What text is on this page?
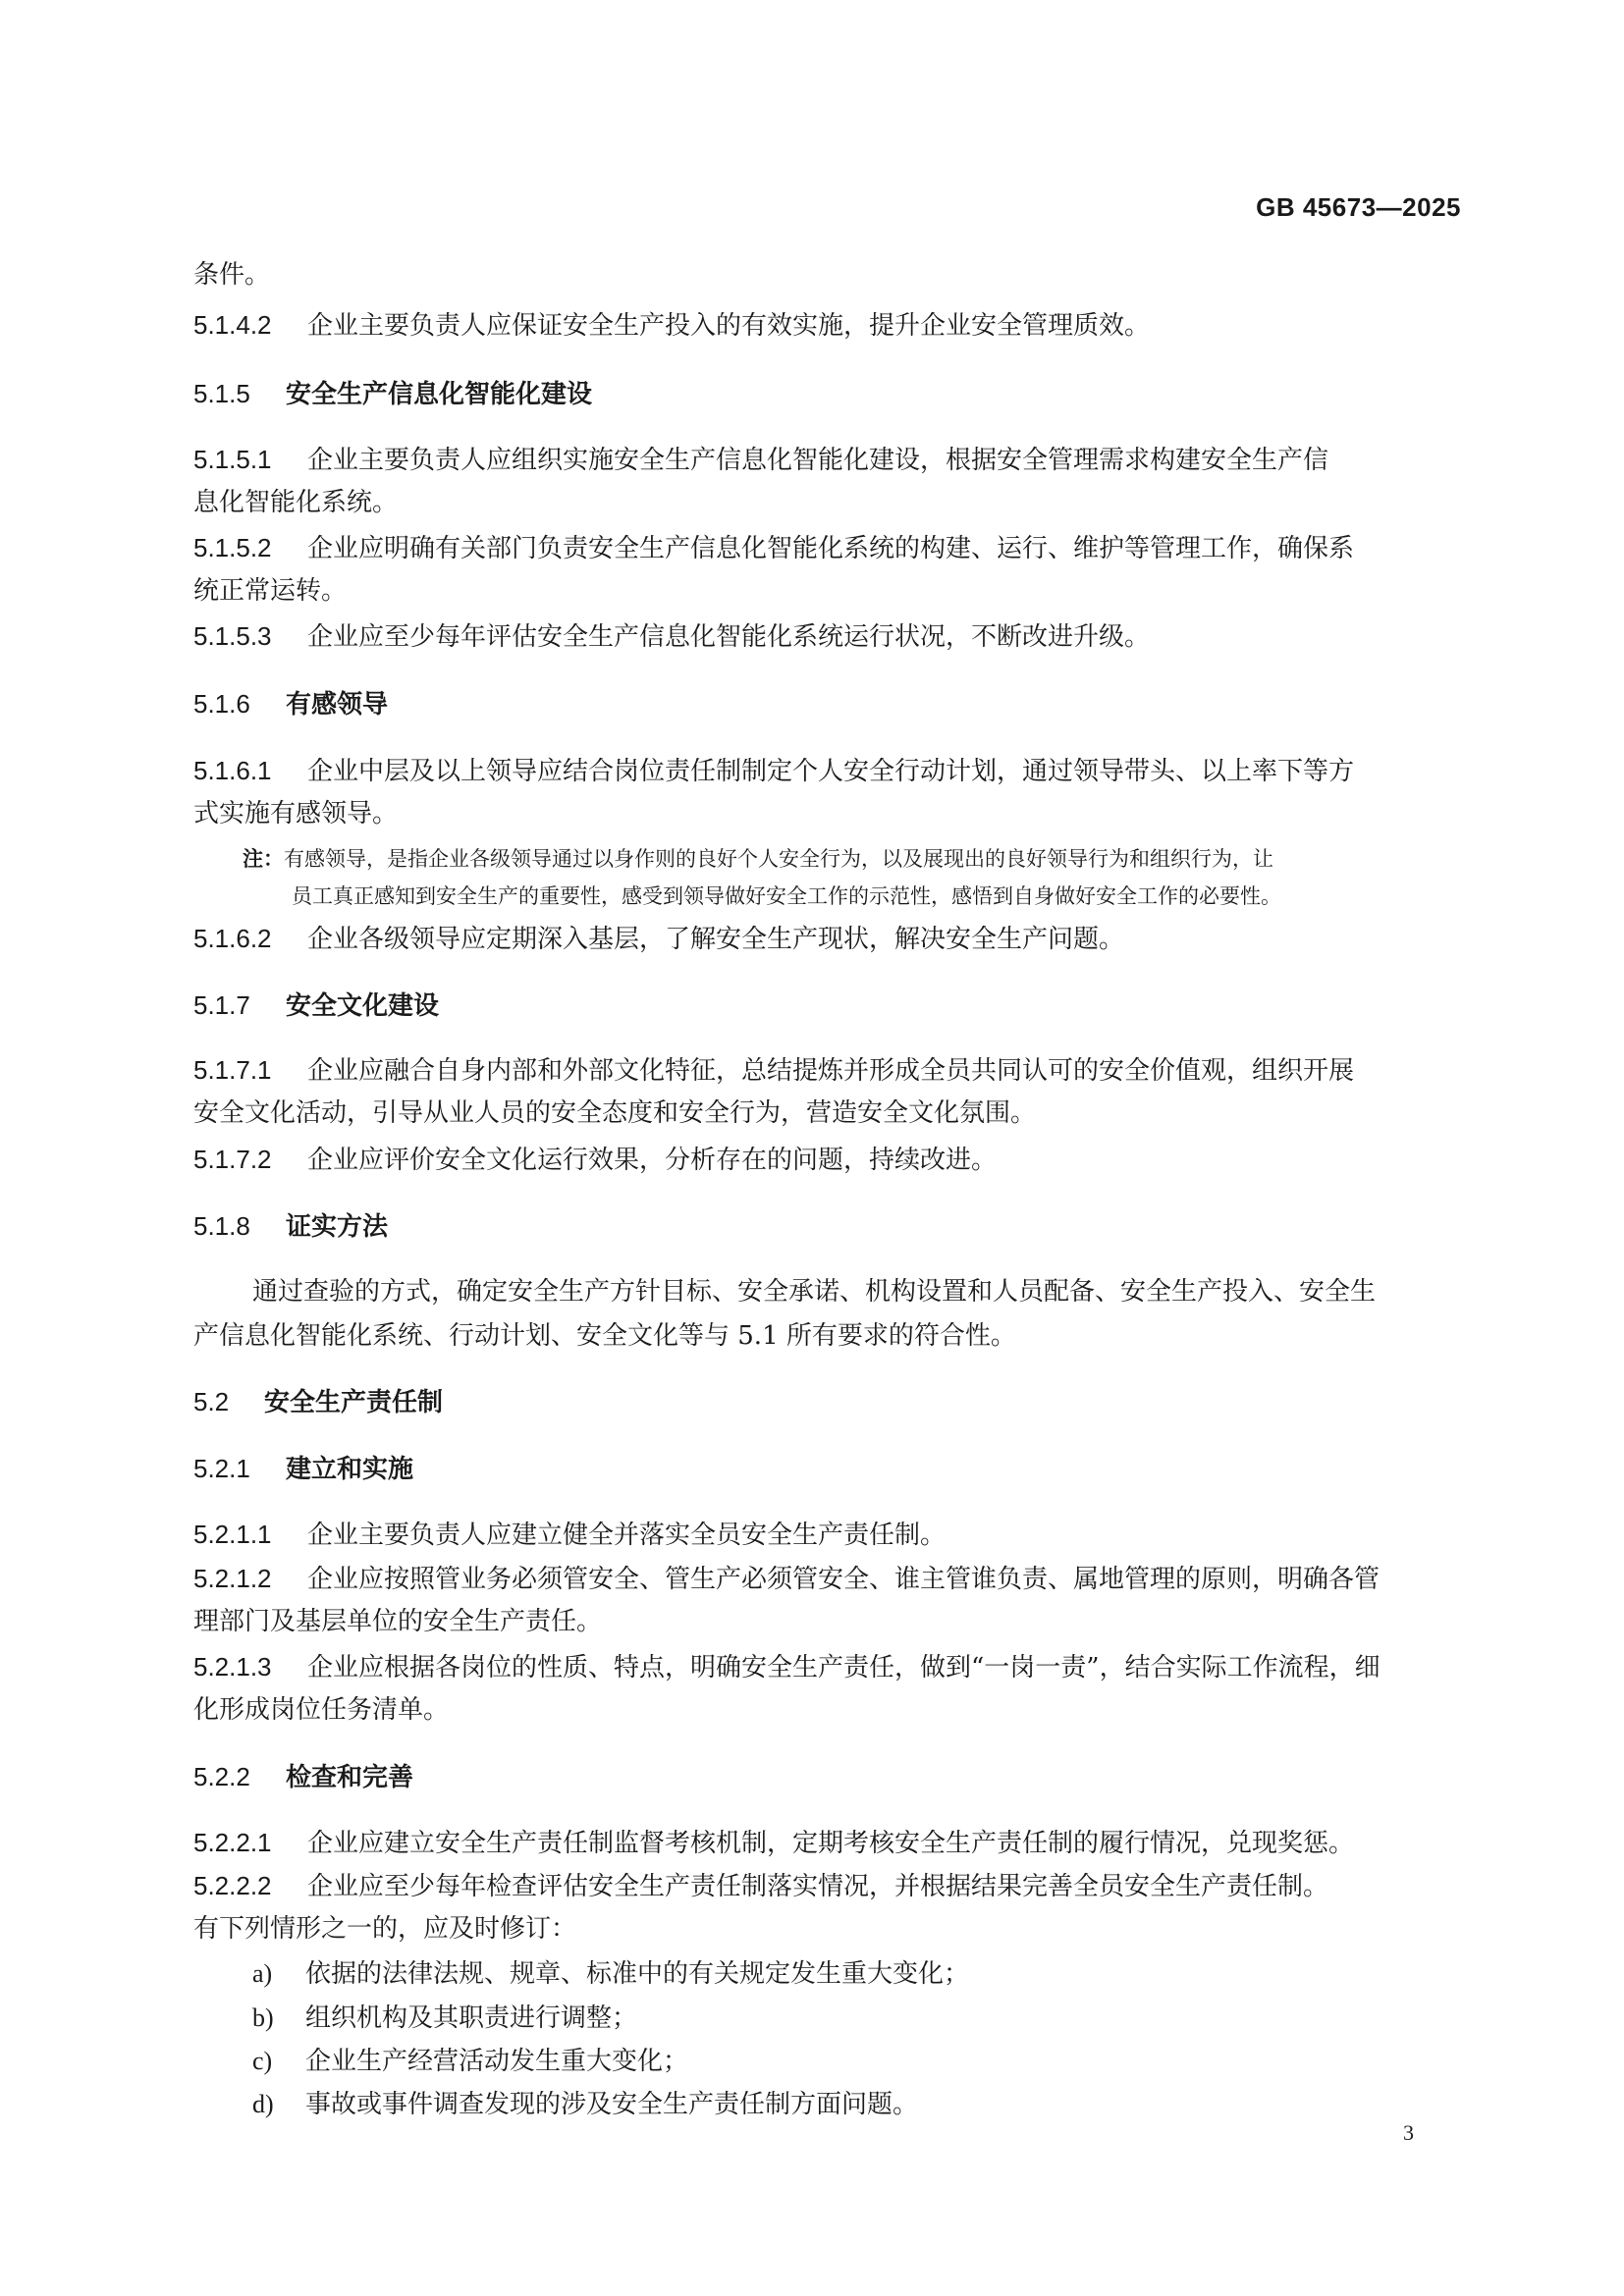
GB 45673—2025
条件。
5.1.4.2 企业主要负责人应保证安全生产投入的有效实施，提升企业安全管理质效。
5.1.5 安全生产信息化智能化建设
5.1.5.1 企业主要负责人应组织实施安全生产信息化智能化建设，根据安全管理需求构建安全生产信
息化智能化系统。
5.1.5.2 企业应明确有关部门负责安全生产信息化智能化系统的构建、运行、维护等管理工作，确保系
统正常运转。
5.1.5.3 企业应至少每年评估安全生产信息化智能化系统运行状况，不断改进升级。
5.1.6 有感领导
5.1.6.1 企业中层及以上领导应结合岗位责任制制定个人安全行动计划，通过领导带头、以上率下等方
式实施有感领导。
注：有感领导，是指企业各级领导通过以身作则的良好个人安全行为，以及展现出的良好领导行为和组织行为，让
员工真正感知到安全生产的重要性，感受到领导做好安全工作的示范性，感悟到自身做好安全工作的必要性。
5.1.6.2 企业各级领导应定期深入基层，了解安全生产现状，解决安全生产问题。
5.1.7 安全文化建设
5.1.7.1 企业应融合自身内部和外部文化特征，总结提炼并形成全员共同认可的安全价值观，组织开展
安全文化活动，引导从业人员的安全态度和安全行为，营造安全文化氛围。
5.1.7.2 企业应评价安全文化运行效果，分析存在的问题，持续改进。
5.1.8 证实方法
通过查验的方式，确定安全生产方针目标、安全承诺、机构设置和人员配备、安全生产投入、安全生
产信息化智能化系统、行动计划、安全文化等与 5.1 所有要求的符合性。
5.2 安全生产责任制
5.2.1 建立和实施
5.2.1.1 企业主要负责人应建立健全并落实全员安全生产责任制。
5.2.1.2 企业应按照管业务必须管安全、管生产必须管安全、谁主管谁负责、属地管理的原则，明确各管
理部门及基层单位的安全生产责任。
5.2.1.3 企业应根据各岗位的性质、特点，明确安全生产责任，做到“一岗一责”，结合实际工作流程，细
化形成岗位任务清单。
5.2.2 检查和完善
5.2.2.1 企业应建立安全生产责任制监督考核机制，定期考核安全生产责任制的履行情况，兑现奖惩。
5.2.2.2 企业应至少每年检查评估安全生产责任制落实情况，并根据结果完善全员安全生产责任制。
有下列情形之一的，应及时修订：
a) 依据的法律法规、规章、标准中的有关规定发生重大变化；
b) 组织机构及其职责进行调整；
c) 企业生产经营活动发生重大变化；
d) 事故或事件调查发现的涉及安全生产责任制方面问题。
3
